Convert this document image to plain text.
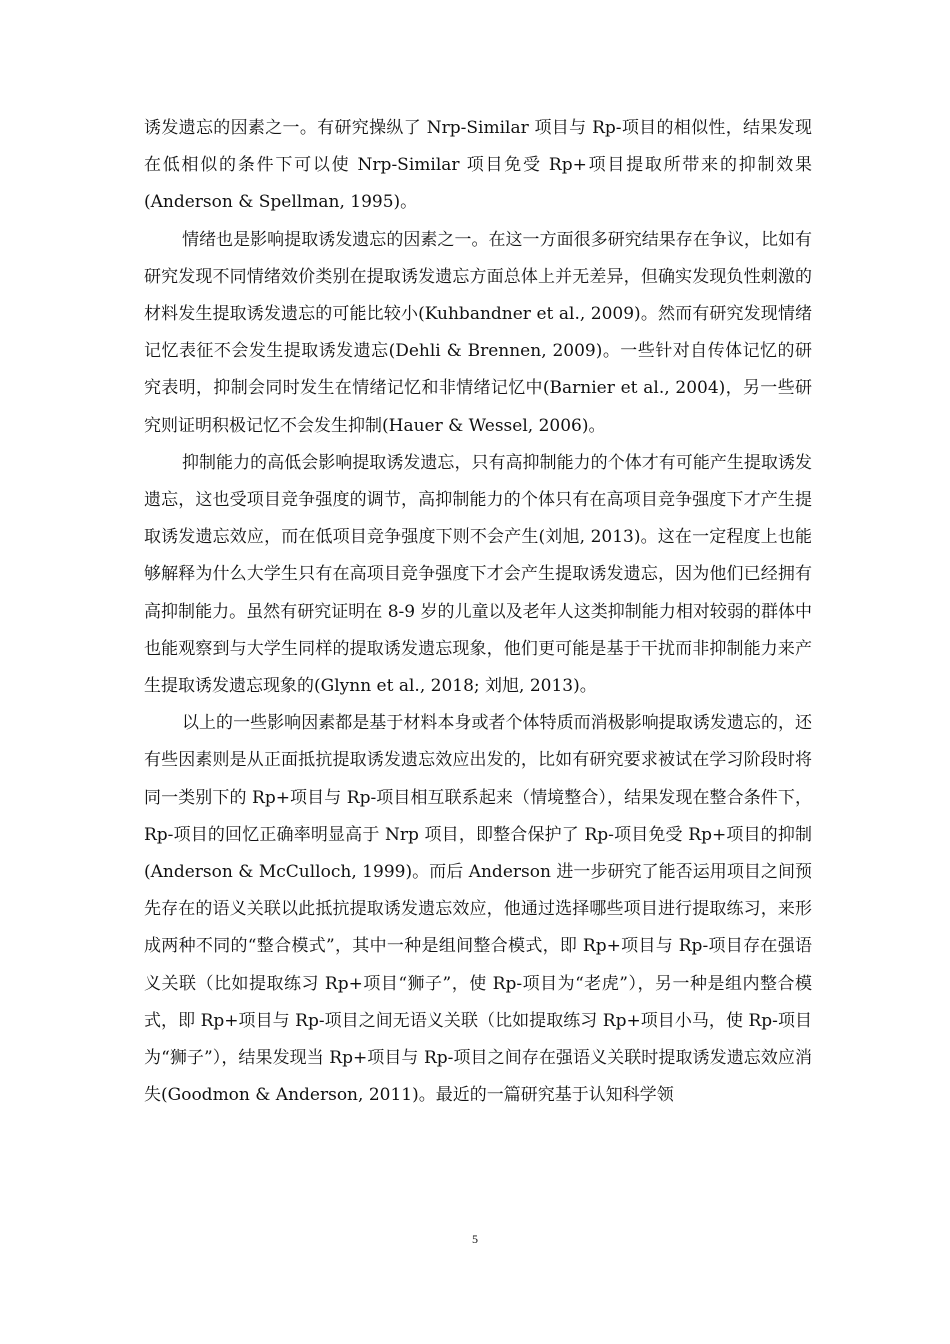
诱发遗忘的因素之一。有研究操纵了 Nrp-Similar 项目与 Rp-项目的相似性，结果发现在低相似的条件下可以使 Nrp-Similar 项目免受 Rp+项目提取所带来的抑制效果(Anderson & Spellman, 1995)。

情绪也是影响提取诱发遗忘的因素之一。在这一方面很多研究结果存在争议，比如有研究发现不同情绪效价类别在提取诱发遗忘方面总体上并无差异，但确实发现负性刺激的材料发生提取诱发遗忘的可能比较小(Kuhbandner et al., 2009)。然而有研究发现情绪记忆表征不会发生提取诱发遗忘(Dehli & Brennen, 2009)。一些针对自传体记忆的研究表明，抑制会同时发生在情绪记忆和非情绪记忆中(Barnier et al., 2004)，另一些研究则证明积极记忆不会发生抑制(Hauer & Wessel, 2006)。

抑制能力的高低会影响提取诱发遗忘，只有高抑制能力的个体才有可能产生提取诱发遗忘，这也受项目竞争强度的调节，高抑制能力的个体只有在高项目竞争强度下才产生提取诱发遗忘效应，而在低项目竞争强度下则不会产生(刘旭, 2013)。这在一定程度上也能够解释为什么大学生只有在高项目竞争强度下才会产生提取诱发遗忘，因为他们已经拥有高抑制能力。虽然有研究证明在 8-9 岁的儿童以及老年人这类抑制能力相对较弱的群体中也能观察到与大学生同样的提取诱发遗忘现象，他们更可能是基于干扰而非抑制能力来产生提取诱发遗忘现象的(Glynn et al., 2018; 刘旭, 2013)。

以上的一些影响因素都是基于材料本身或者个体特质而消极影响提取诱发遗忘的，还有些因素则是从正面抵抗提取诱发遗忘效应出发的，比如有研究要求被试在学习阶段时将同一类别下的 Rp+项目与 Rp-项目相互联系起来（情境整合），结果发现在整合条件下，Rp-项目的回忆正确率明显高于 Nrp 项目，即整合保护了 Rp-项目免受 Rp+项目的抑制(Anderson & McCulloch, 1999)。而后 Anderson 进一步研究了能否运用项目之间预先存在的语义关联以此抵抗提取诱发遗忘效应，他通过选择哪些项目进行提取练习，来形成两种不同的“整合模式”，其中一种是组间整合模式，即 Rp+项目与 Rp-项目存在强语义关联（比如提取练习 Rp+项目“狮子”，使 Rp-项目为“老虎”），另一种是组内整合模式，即 Rp+项目与 Rp-项目之间无语义关联（比如提取练习 Rp+项目小马，使 Rp-项目为“狮子”），结果发现当 Rp+项目与 Rp-项目之间存在强语义关联时提取诱发遗忘效应消失(Goodmon & Anderson, 2011)。最近的一篇研究基于认知科学领

5
